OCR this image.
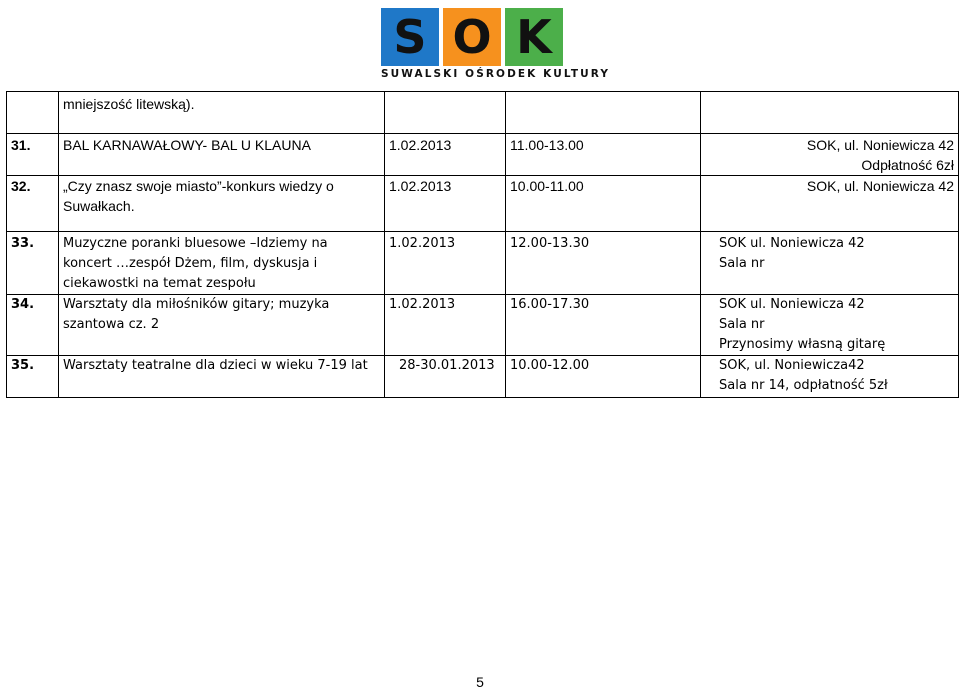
S O K
SUWALSKI OŚRODEK KULTURY
	mniejszość litewską).			
31.	BAL KARNAWAŁOWY- BAL U KLAUNA	1.02.2013	11.00-13.00	SOK, ul. Noniewicza 42
Odpłatność 6zł

32.	„Czy znasz swoje miasto”-konkurs wiedzy o Suwałkach.	1.02.2013	10.00-11.00	SOK, ul. Noniewicza 42
33.	Muzyczne poranki bluesowe –Idziemy na koncert …zespół Dżem, film, dyskusja i ciekawostki na temat zespołu	1.02.2013	12.00-13.30	SOK ul. Noniewicza 42
Sala nr

34.	Warsztaty dla miłośników gitary; muzyka szantowa cz. 2	1.02.2013	16.00-17.30	SOK ul. Noniewicza 42
Sala nr
Przynosimy własną gitarę

35.	Warsztaty teatralne dla dzieci w wieku 7-19 lat	28-30.01.2013	10.00-12.00	SOK, ul. Noniewicza42
Sala nr 14, odpłatność 5zł
5
